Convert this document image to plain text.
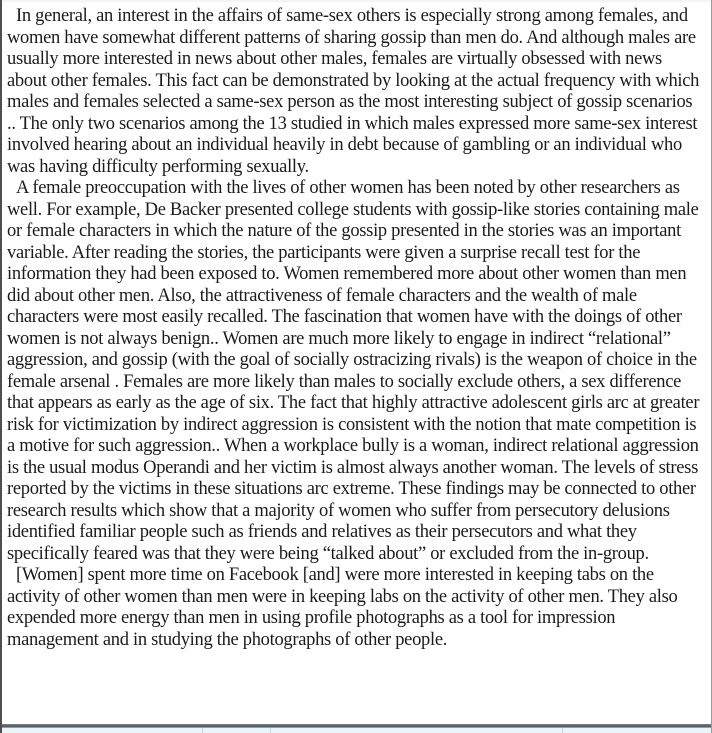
In general, an interest in the affairs of same-sex others is especially strong among females, and women have somewhat different patterns of sharing gossip than men do. And although males are usually more interested in news about other males, females are virtually obsessed with news about other females. This fact can be demonstrated by looking at the actual frequency with which males and females selected a same-sex person as the most interesting subject of gossip scenarios .. The only two scenarios among the 13 studied in which males expressed more same-sex interest involved hearing about an individual heavily in debt because of gambling or an individual who was having difficulty performing sexually.

A female preoccupation with the lives of other women has been noted by other researchers as well. For example, De Backer presented college students with gossip-like stories containing male or female characters in which the nature of the gossip presented in the stories was an important variable. After reading the stories, the participants were given a surprise recall test for the information they had been exposed to. Women remembered more about other women than men did about other men. Also, the attractiveness of female characters and the wealth of male characters were most easily recalled. The fascination that women have with the doings of other women is not always benign.. Women are much more likely to engage in indirect “relational” aggression, and gossip (with the goal of socially ostracizing rivals) is the weapon of choice in the female arsenal . Females are more likely than males to socially exclude others, a sex difference that appears as early as the age of six. The fact that highly attractive adolescent girls arc at greater risk for victimization by indirect aggression is consistent with the notion that mate competition is a motive for such aggression.. When a workplace bully is a woman, indirect relational aggression is the usual modus Operandi and her victim is almost always another woman. The levels of stress reported by the victims in these situations arc extreme. These findings may be connected to other research results which show that a majority of women who suffer from persecutory delusions identified familiar people such as friends and relatives as their persecutors and what they specifically feared was that they were being “talked about” or excluded from the in-group.

[Women] spent more time on Facebook [and] were more interested in keeping tabs on the activity of other women than men were in keeping labs on the activity of other men. They also expended more energy than men in using profile photographs as a tool for impression management and in studying the photographs of other people.
